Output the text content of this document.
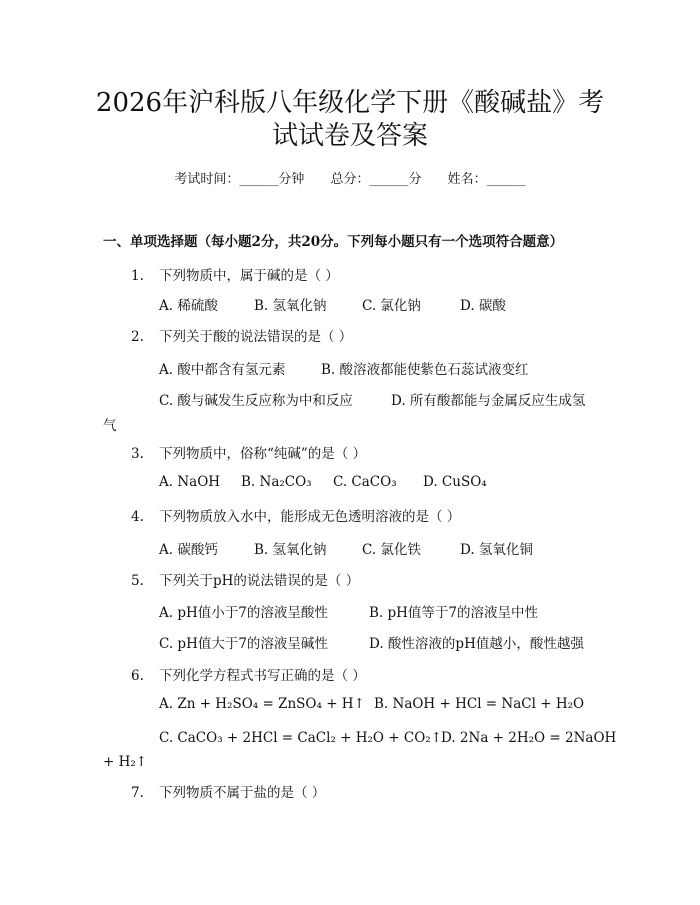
2026年沪科版八年级化学下册《酸碱盐》考
试试卷及答案
考试时间：______分钟 总分：______分 姓名：______
一、单项选择题（每小题2分，共20分。下列每小题只有一个选项符合题意）
1. 下列物质中，属于碱的是（ ）
A. 稀硫酸	B. 氢氧化钠	C. 氯化钠	D. 碳酸
2. 下列关于酸的说法错误的是（ ）
A. 酸中都含有氢元素	B. 酸溶液都能使紫色石蕊试液变红
C. 酸与碱发生反应称为中和反应	D. 所有酸都能与金属反应生成氢
气
3. 下列物质中，俗称“纯碱”的是（ ）
A. NaOH B. Na₂CO₃ C. CaCO₃ D. CuSO₄
4. 下列物质放入水中，能形成无色透明溶液的是（ ）
A. 碳酸钙	B. 氢氧化钠	C. 氯化铁	D. 氢氧化铜
5. 下列关于pH的说法错误的是（ ）
A. pH值小于7的溶液呈酸性	B. pH值等于7的溶液呈中性
C. pH值大于7的溶液呈碱性	D. 酸性溶液的pH值越小，酸性越强
6. 下列化学方程式书写正确的是（ ）
A. Zn + H₂SO₄ = ZnSO₄ + H↑ B. NaOH + HCl = NaCl + H₂O
C. CaCO₃ + 2HCl = CaCl₂ + H₂O + CO₂↑
D. 2Na + 2H₂O = 2NaOH
+ H₂↑
7. 下列物质不属于盐的是（ ）
